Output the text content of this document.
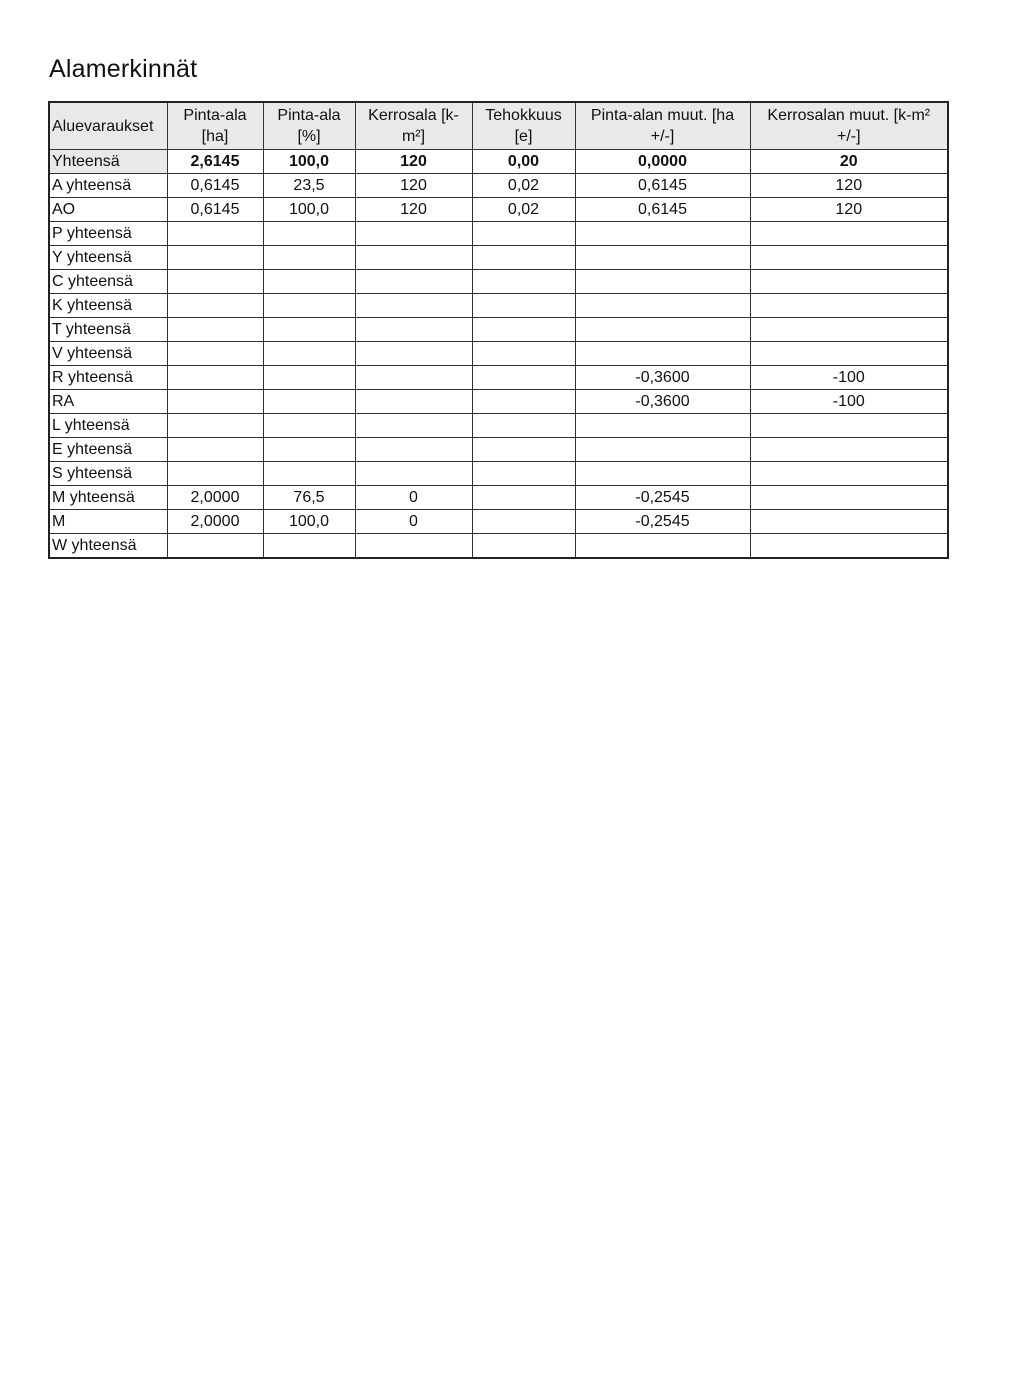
Alamerkinnät
Aluevaraukset	Pinta-ala [ha]	Pinta-ala [%]	Kerrosala [k-m²]	Tehokkuus [e]	Pinta-alan muut. [ha +/-]	Kerrosalan muut. [k-m² +/-]
Yhteensä	2,6145	100,0	120	0,00	0,0000	20
A yhteensä	0,6145	23,5	120	0,02	0,6145	120
AO	0,6145	100,0	120	0,02	0,6145	120
P yhteensä						
Y yhteensä						
C yhteensä						
K yhteensä						
T yhteensä						
V yhteensä						
R yhteensä					-0,3600	-100
RA					-0,3600	-100
L yhteensä						
E yhteensä						
S yhteensä						
M yhteensä	2,0000	76,5	0		-0,2545	
M	2,0000	100,0	0		-0,2545	
W yhteensä						
